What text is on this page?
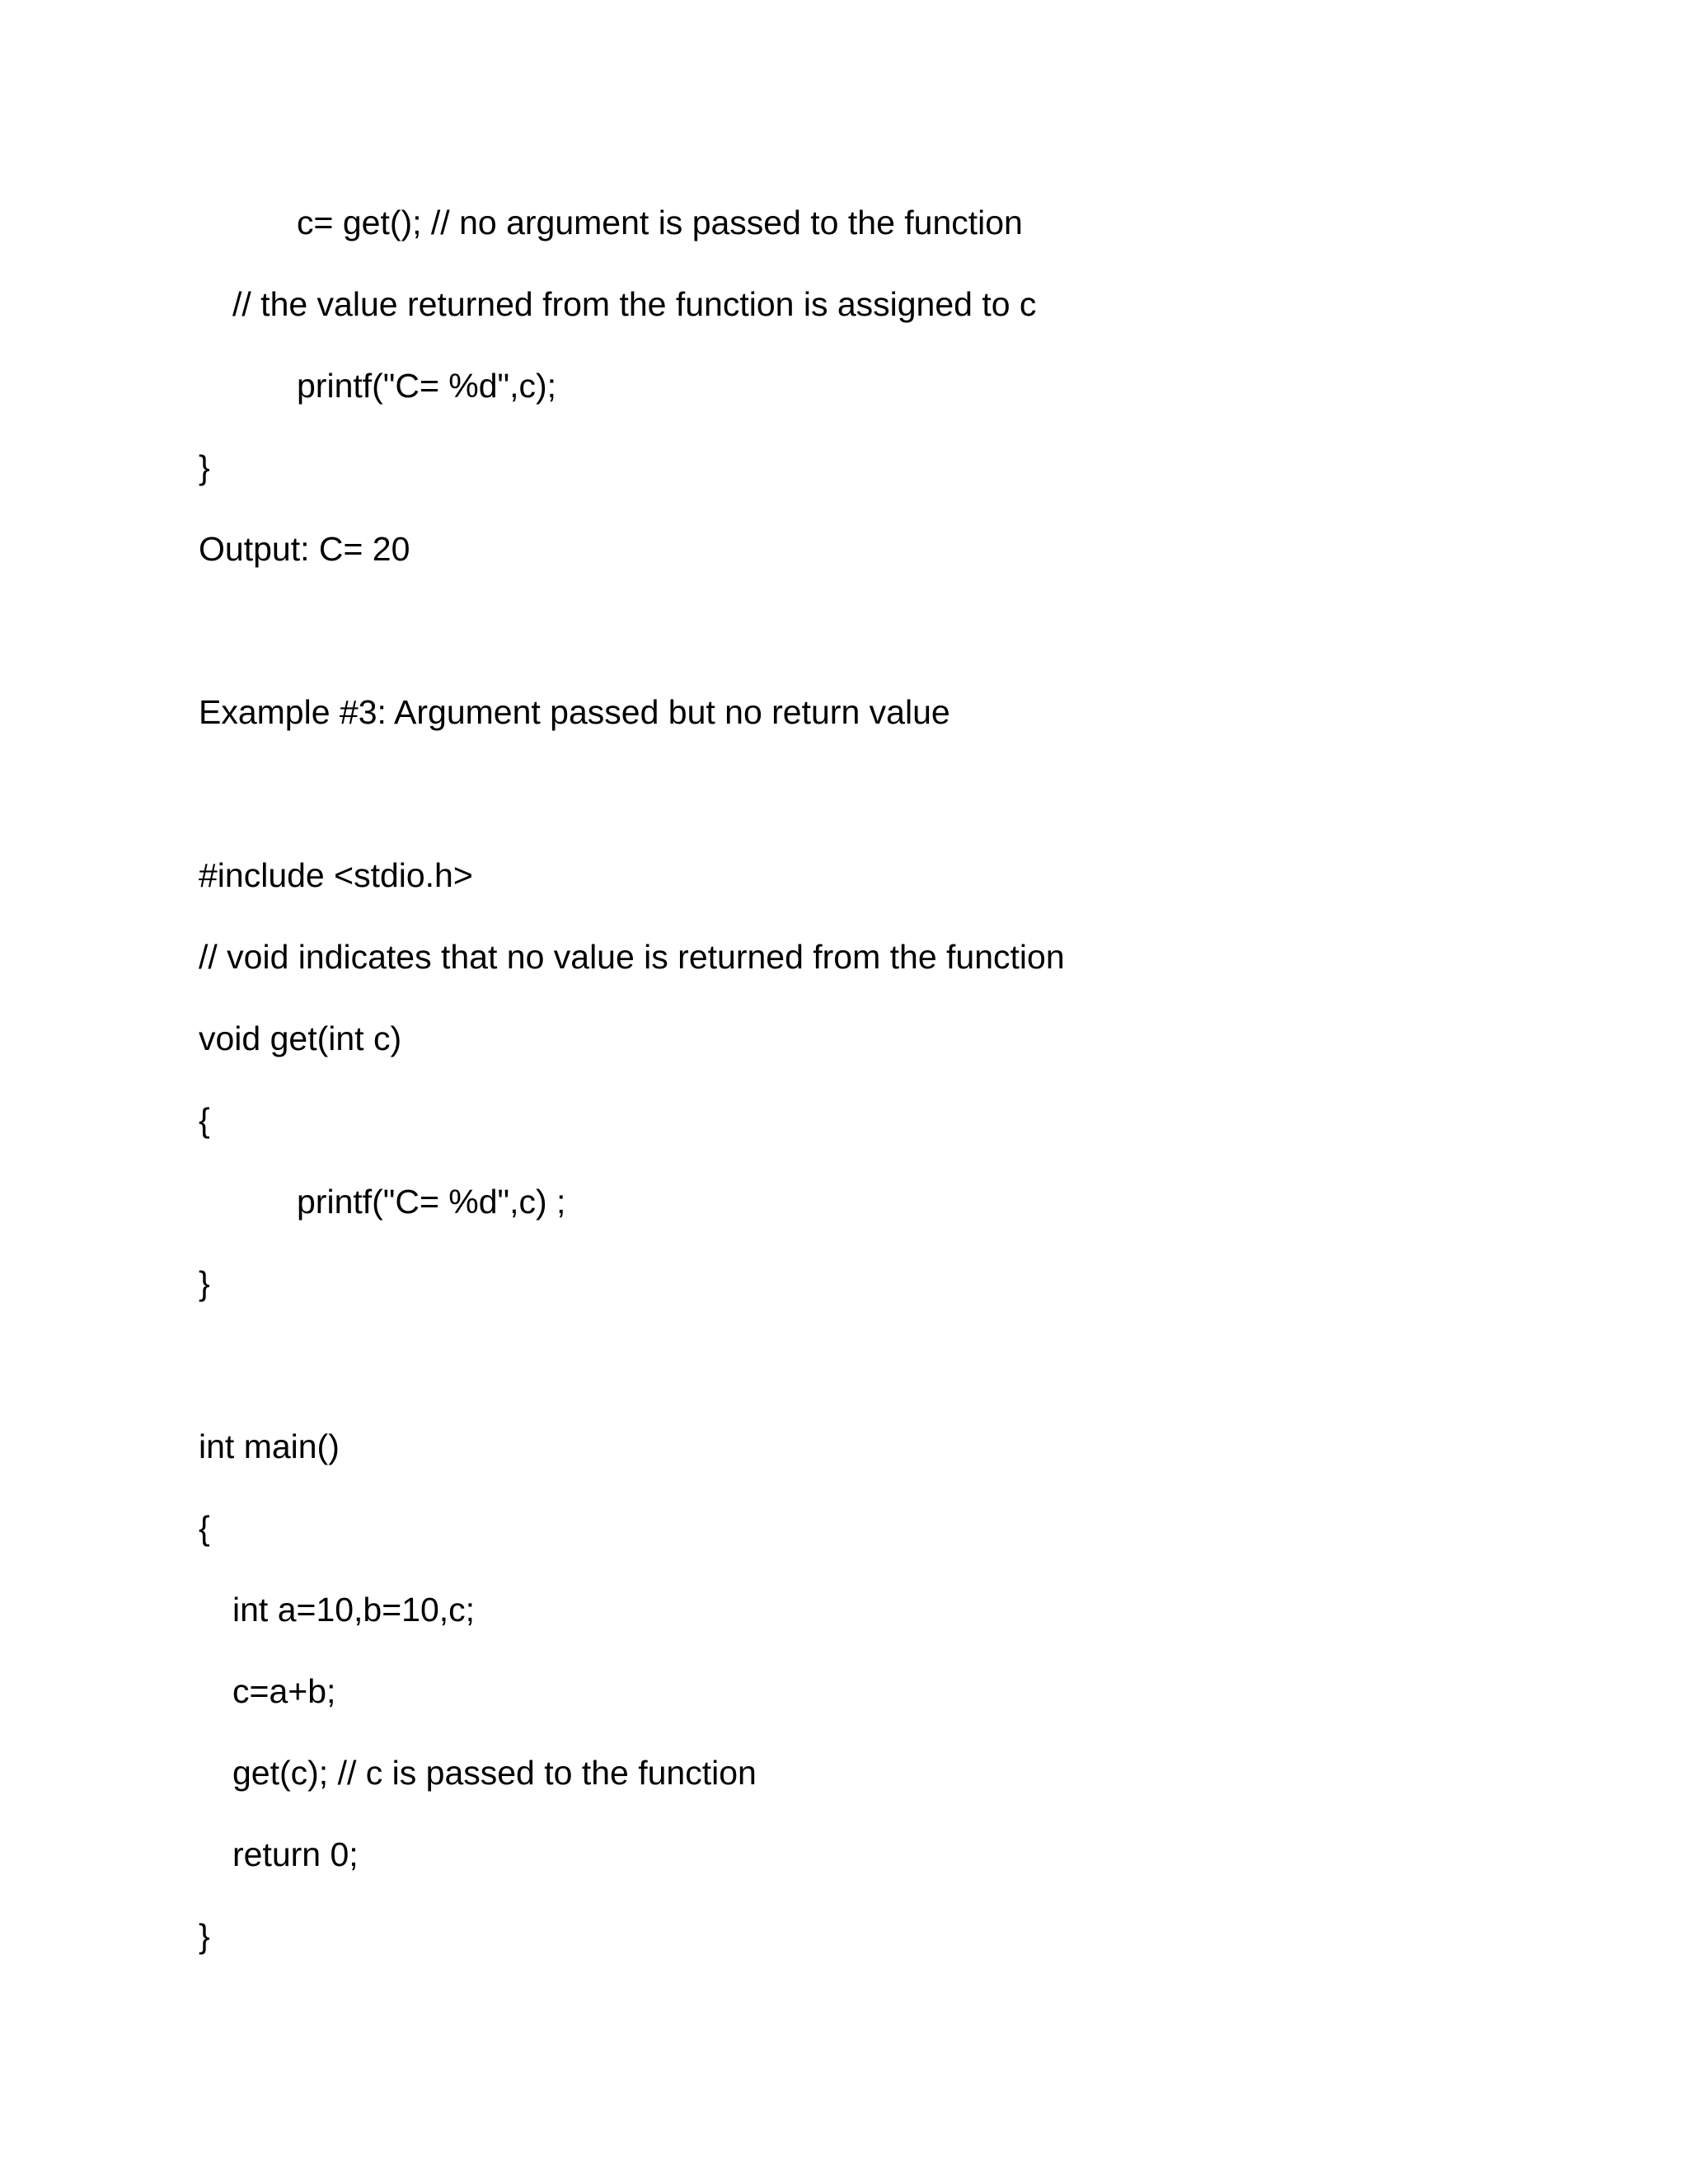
c= get(); // no argument is passed to the function

// the value returned from the function is assigned to c

printf("C= %d",c);

}

Output: C= 20

Example #3: Argument passed but no return value

#include <stdio.h>

// void indicates that no value is returned from the function

void get(int c)

{

printf("C= %d",c) ;

}

int main()

{

int a=10,b=10,c;

c=a+b;

get(c); // c is passed to the function

return 0;

}
